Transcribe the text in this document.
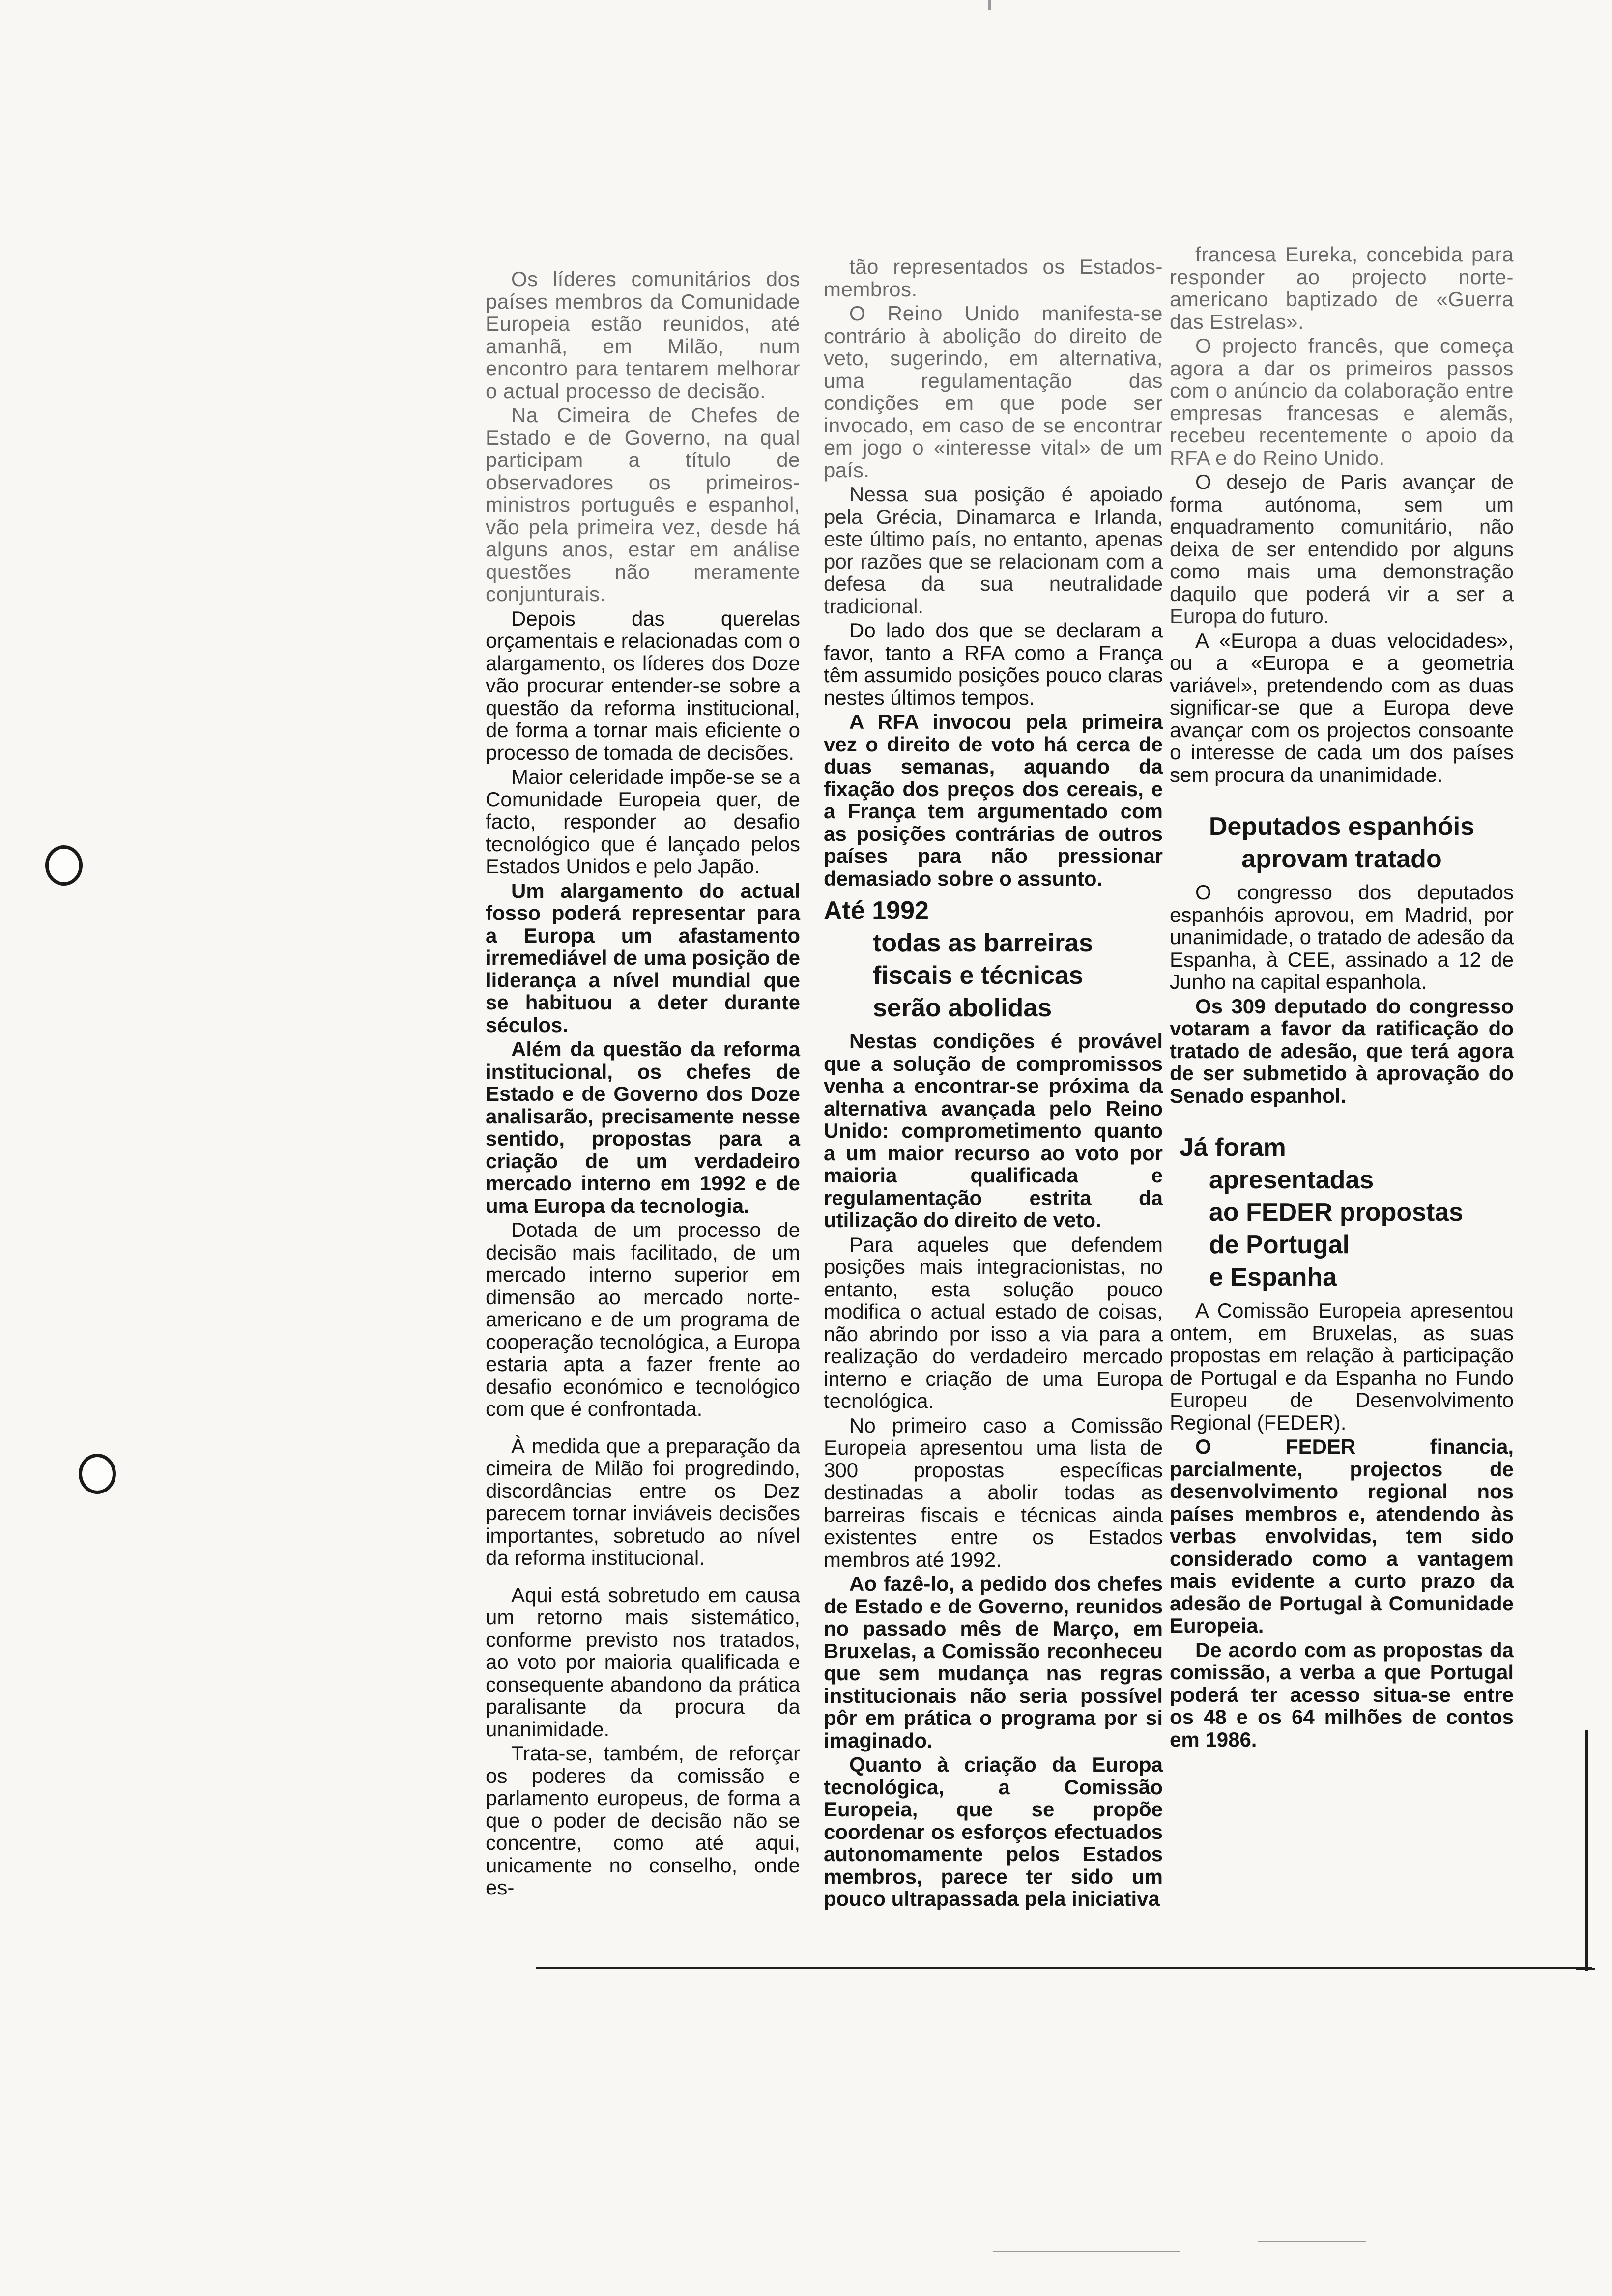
Os líderes comunitários dos países membros da Comunidade Europeia estão reunidos, até amanhã, em Milão, num encontro para tentarem melhorar o actual processo de decisão.

Na Cimeira de Chefes de Estado e de Governo, na qual participam a título de observadores os primeiros-ministros português e espanhol, vão pela primeira vez, desde há alguns anos, estar em análise questões não meramente conjunturais.

Depois das querelas orçamentais e relacionadas com o alargamento, os líderes dos Doze vão procurar entender-se sobre a questão da reforma institucional, de forma a tornar mais eficiente o processo de tomada de decisões.

Maior celeridade impõe-se se a Comunidade Europeia quer, de facto, responder ao desafio tecnológico que é lançado pelos Estados Unidos e pelo Japão.

Um alargamento do actual fosso poderá representar para a Europa um afastamento irremediável de uma posição de liderança a nível mundial que se habituou a deter durante séculos.

Além da questão da reforma institucional, os chefes de Estado e de Governo dos Doze analisarão, precisamente nesse sentido, propostas para a criação de um verdadeiro mercado interno em 1992 e de uma Europa da tecnologia.

Dotada de um processo de decisão mais facilitado, de um mercado interno superior em dimensão ao mercado norte-americano e de um programa de cooperação tecnológica, a Europa estaria apta a fazer frente ao desafio económico e tecnológico com que é confrontada.

À medida que a preparação da cimeira de Milão foi progredindo, discordâncias entre os Dez parecem tornar inviáveis decisões importantes, sobretudo ao nível da reforma institucional.

Aqui está sobretudo em causa um retorno mais sistemático, conforme previsto nos tratados, ao voto por maioria qualificada e consequente abandono da prática paralisante da procura da unanimidade.

Trata-se, também, de reforçar os poderes da comissão e parlamento europeus, de forma a que o poder de decisão não se concentre, como até aqui, unicamente no conselho, onde es-

tão representados os Estados-membros.

O Reino Unido manifesta-se contrário à abolição do direito de veto, sugerindo, em alternativa, uma regulamentação das condições em que pode ser invocado, em caso de se encontrar em jogo o «interesse vital» de um país.

Nessa sua posição é apoiado pela Grécia, Dinamarca e Irlanda, este último país, no entanto, apenas por razões que se relacionam com a defesa da sua neutralidade tradicional.

Do lado dos que se declaram a favor, tanto a RFA como a França têm assumido posições pouco claras nestes últimos tempos.

A RFA invocou pela primeira vez o direito de voto há cerca de duas semanas, aquando da fixação dos preços dos cereais, e a França tem argumentado com as posições contrárias de outros países para não pressionar demasiado sobre o assunto.

Até 1992
todas as barreiras
fiscais e técnicas
serão abolidas

Nestas condições é provável que a solução de compromissos venha a encontrar-se próxima da alternativa avançada pelo Reino Unido: comprometimento quanto a um maior recurso ao voto por maioria qualificada e regulamentação estrita da utilização do direito de veto.

Para aqueles que defendem posições mais integracionistas, no entanto, esta solução pouco modifica o actual estado de coisas, não abrindo por isso a via para a realização do verdadeiro mercado interno e criação de uma Europa tecnológica.

No primeiro caso a Comissão Europeia apresentou uma lista de 300 propostas específicas destinadas a abolir todas as barreiras fiscais e técnicas ainda existentes entre os Estados membros até 1992.

Ao fazê-lo, a pedido dos chefes de Estado e de Governo, reunidos no passado mês de Março, em Bruxelas, a Comissão reconheceu que sem mudança nas regras institucionais não seria possível pôr em prática o programa por si imaginado.

Quanto à criação da Europa tecnológica, a Comissão Europeia, que se propõe coordenar os esforços efectuados autonomamente pelos Estados membros, parece ter sido um pouco ultrapassada pela iniciativa

francesa Eureka, concebida para responder ao projecto norte-americano baptizado de «Guerra das Estrelas».

O projecto francês, que começa agora a dar os primeiros passos com o anúncio da colaboração entre empresas francesas e alemãs, recebeu recentemente o apoio da RFA e do Reino Unido.

O desejo de Paris avançar de forma autónoma, sem um enquadramento comunitário, não deixa de ser entendido por alguns como mais uma demonstração daquilo que poderá vir a ser a Europa do futuro.

A «Europa a duas velocidades», ou a «Europa e a geometria variável», pretendendo com as duas significar-se que a Europa deve avançar com os projectos consoante o interesse de cada um dos países sem procura da unanimidade.

Deputados espanhóis
aprovam tratado

O congresso dos deputados espanhóis aprovou, em Madrid, por unanimidade, o tratado de adesão da Espanha, à CEE, assinado a 12 de Junho na capital espanhola.

Os 309 deputado do congresso votaram a favor da ratificação do tratado de adesão, que terá agora de ser submetido à aprovação do Senado espanhol.

Já foram
apresentadas
ao FEDER propostas
de Portugal
e Espanha

A Comissão Europeia apresentou ontem, em Bruxelas, as suas propostas em relação à participação de Portugal e da Espanha no Fundo Europeu de Desenvolvimento Regional (FEDER).

O FEDER financia, parcialmente, projectos de desenvolvimento regional nos países membros e, atendendo às verbas envolvidas, tem sido considerado como a vantagem mais evidente a curto prazo da adesão de Portugal à Comunidade Europeia.

De acordo com as propostas da comissão, a verba a que Portugal poderá ter acesso situa-se entre os 48 e os 64 milhões de contos em 1986.
